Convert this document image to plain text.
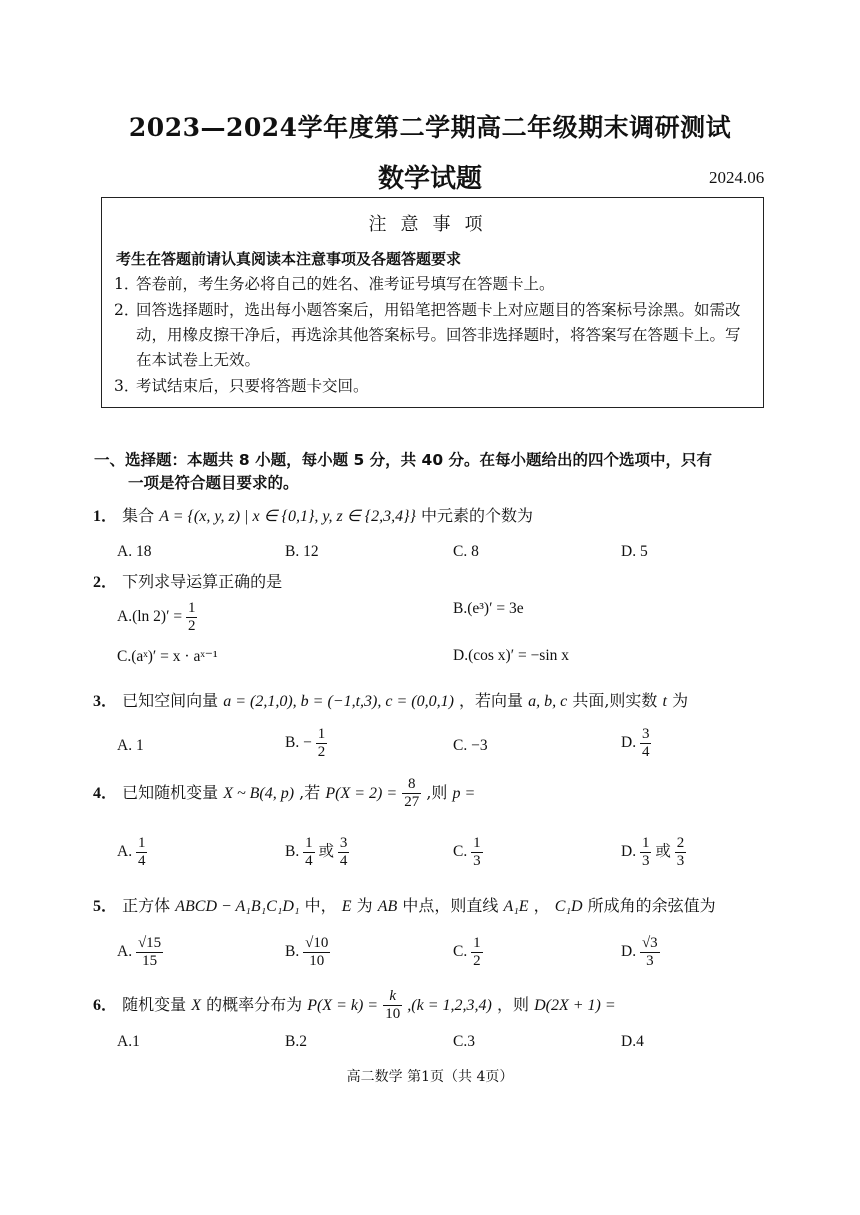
2023—2024学年度第二学期高二年级期末调研测试
数学试题	2024.06
注意事项
考生在答题前请认真阅读本注意事项及各题答题要求
1．答卷前，考生务必将自己的姓名、准考证号填写在答题卡上。
2．回答选择题时，选出每小题答案后，用铅笔把答题卡上对应题目的答案标号涂黑。如需改动，用橡皮擦干净后，再选涂其他答案标号。回答非选择题时，将答案写在答题卡上。写在本试卷上无效。
3．考试结束后，只要将答题卡交回。
一、选择题：本题共 8 小题，每小题 5 分，共 40 分。在每小题给出的四个选项中，只有
一项是符合题目要求的。
1． 集合 A = {(x, y, z) | x ∈ {0,1}, y, z ∈ {2,3,4}} 中元素的个数为
A. 18	B. 12	C. 8	D. 5
2． 下列求导运算正确的是
A.(ln $2)' = \frac{1}{2}$	B.(e³)′ = 3e
C.(aˣ)′ = x · aˣ⁻¹	D.(cos x)′ = −sin x
3． 已知空间向量 a = (2,1,0), b = (−1,t,3), c = (0,0,1) ，若向量 a, b, c 共面,则实数 t 为
A. 1	B. − $\frac{1}{2}$	C. −3	D. $\frac{3}{4}$
4． 已知随机变量 X ~ B(4, p) ,若 $P(X = 2) = \frac{8}{27}$ ,则 p =
A. $\frac{1}{4}$	B. $\frac{1}{4}$ 或 $\frac{3}{4}$	C. $\frac{1}{3}$	D. $\frac{1}{3}$ 或 $\frac{2}{3}$
5． 正方体 ABCD − A₁B₁C₁D₁ 中， E 为 AB 中点，则直线 A₁E ， C₁D 所成角的余弦值为
A. $\frac{√15}{15}$	B. $\frac{√10}{10}$	C. $\frac{1}{2}$	D. $\frac{√3}{3}$
6． 随机变量 X 的概率分布为 $P(X = k) = \frac{k}{10} ,(k = 1,2,3,4)$ ，则 D(2X + 1) =
A.1	B.2	C.3	D.4
高二数学 第1页（共 4页）
